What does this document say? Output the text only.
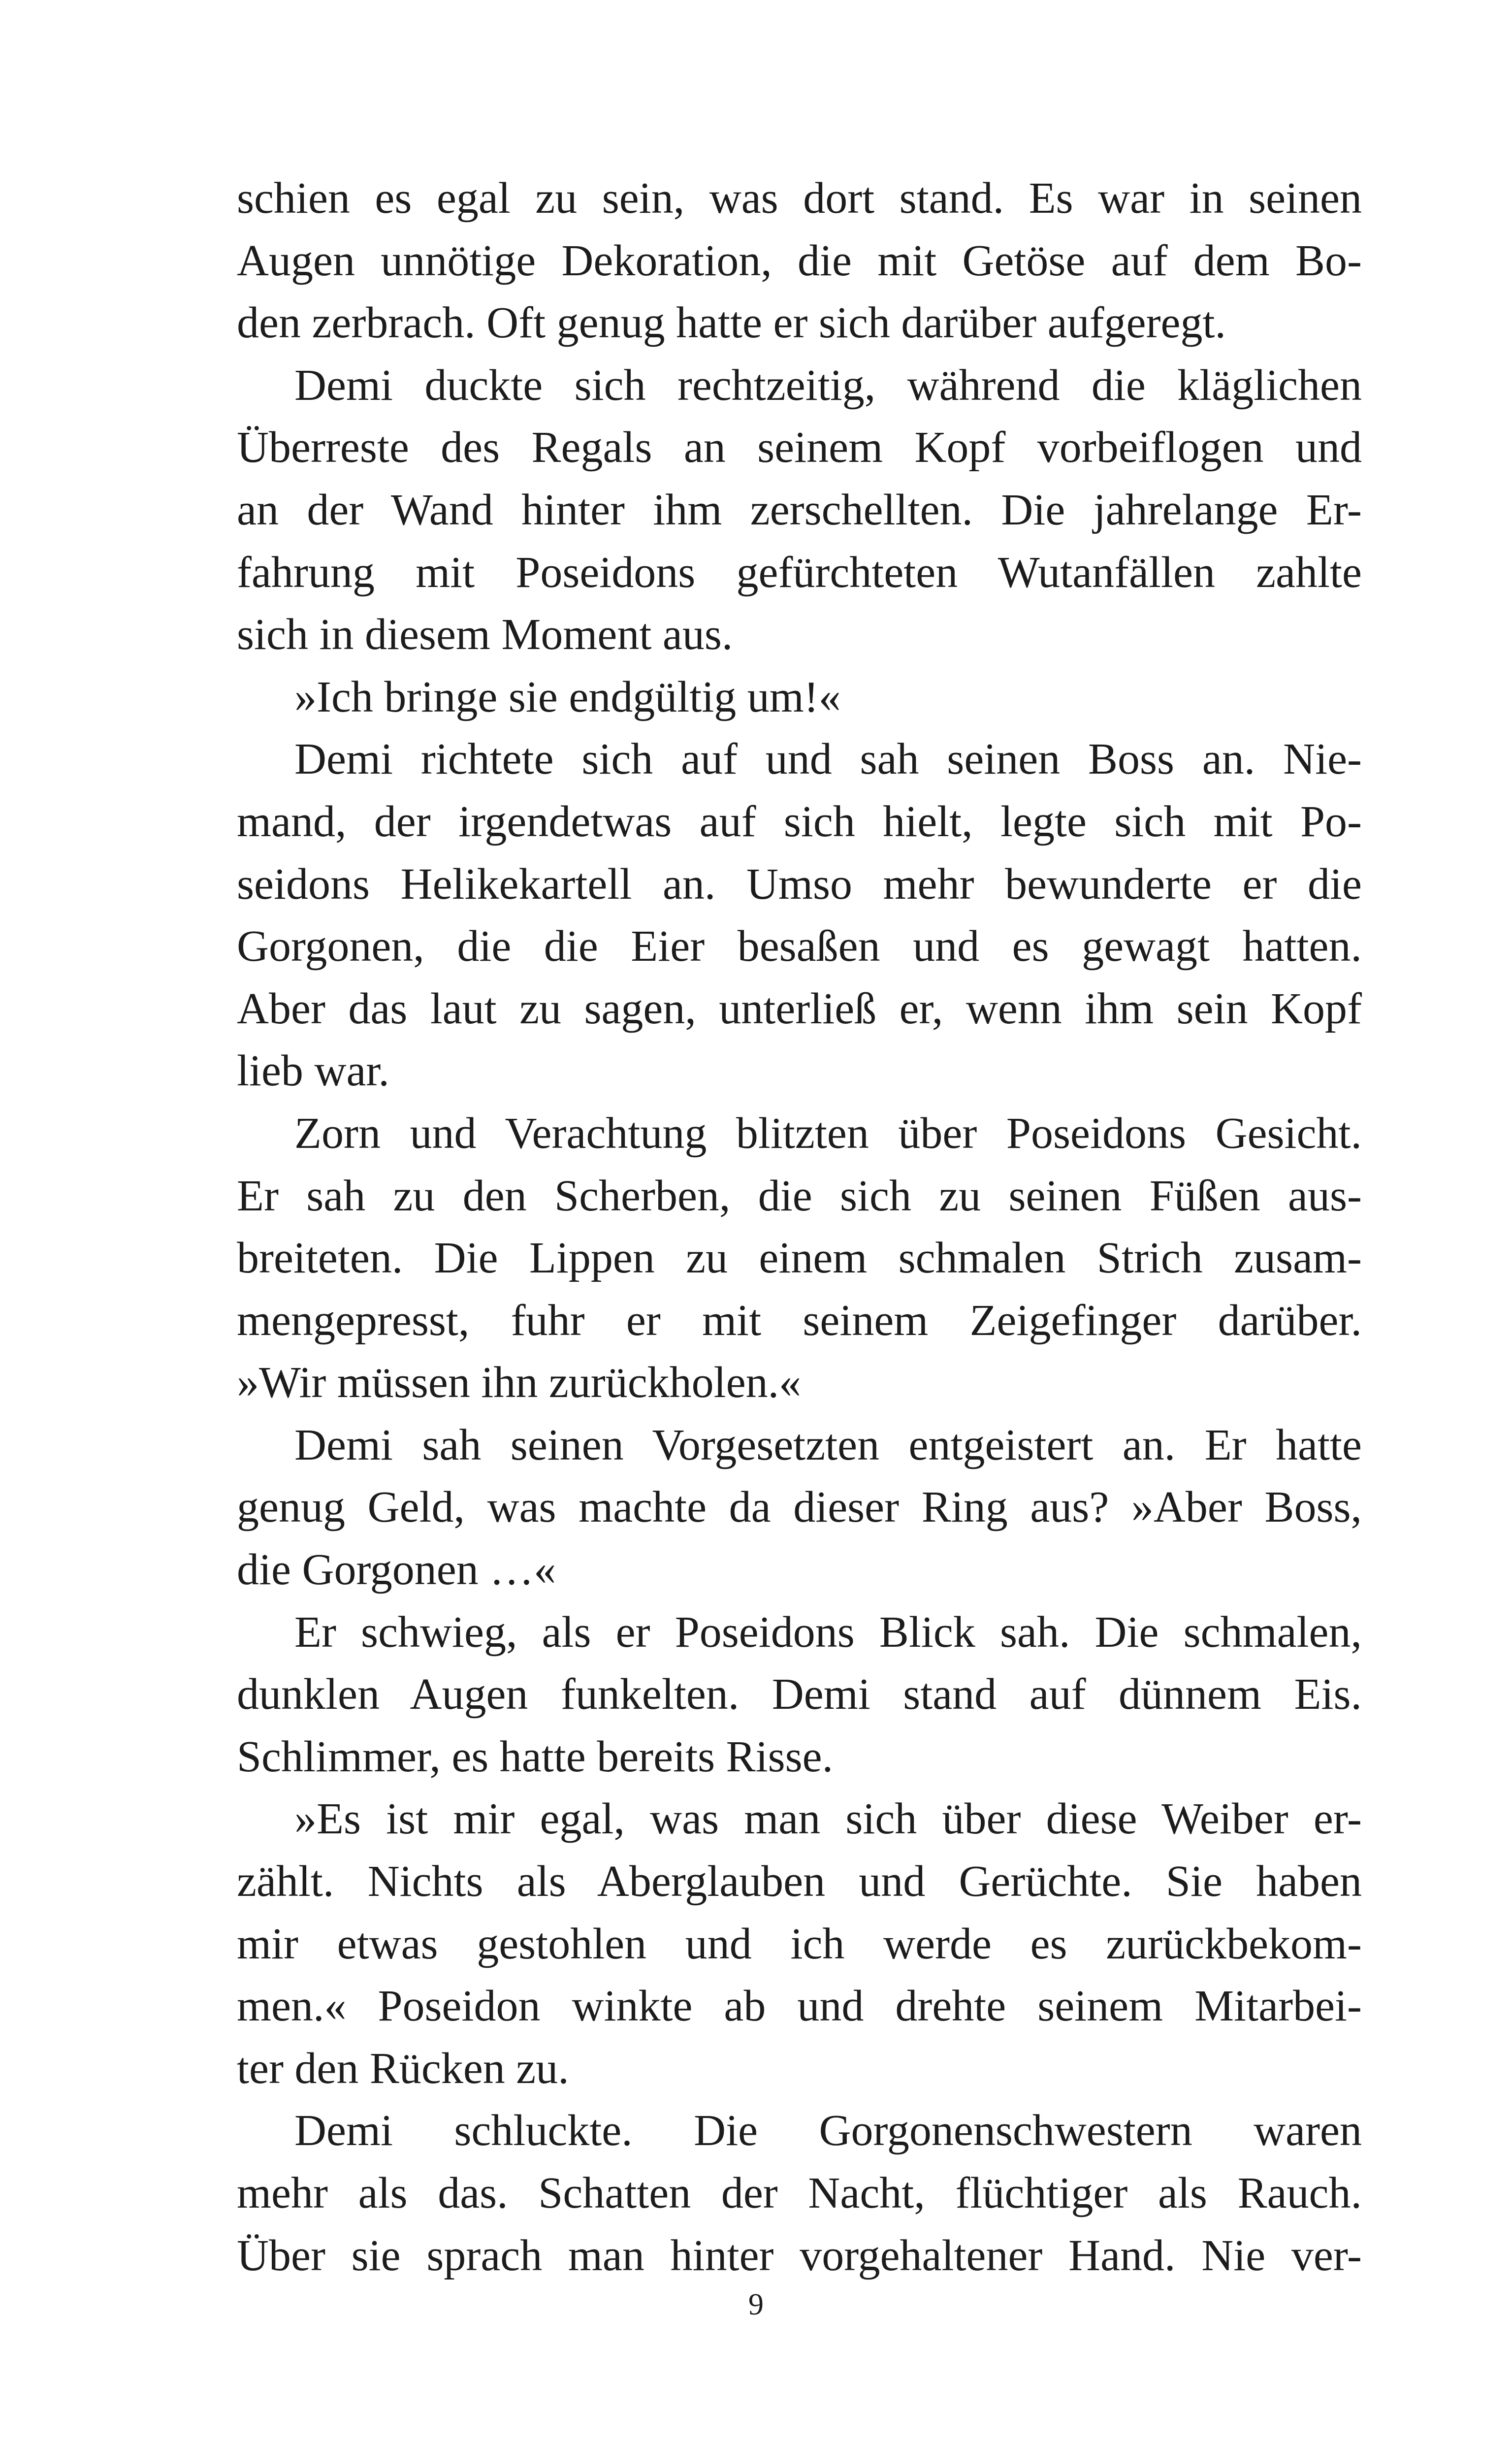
schien es egal zu sein, was dort stand. Es war in seinen
Augen unnötige Dekoration, die mit Getöse auf dem Bo-
den zerbrach. Oft genug hatte er sich darüber aufgeregt.
Demi duckte sich rechtzeitig, während die kläglichen
Überreste des Regals an seinem Kopf vorbeiflogen und
an der Wand hinter ihm zerschellten. Die jahrelange Er-
fahrung mit Poseidons gefürchteten Wutanfällen zahlte
sich in diesem Moment aus.
»Ich bringe sie endgültig um!«
Demi richtete sich auf und sah seinen Boss an. Nie-
mand, der irgendetwas auf sich hielt, legte sich mit Po-
seidons Helikekartell an. Umso mehr bewunderte er die
Gorgonen, die die Eier besaßen und es gewagt hatten.
Aber das laut zu sagen, unterließ er, wenn ihm sein Kopf
lieb war.
Zorn und Verachtung blitzten über Poseidons Gesicht.
Er sah zu den Scherben, die sich zu seinen Füßen aus-
breiteten. Die Lippen zu einem schmalen Strich zusam-
mengepresst, fuhr er mit seinem Zeigefinger darüber.
»Wir müssen ihn zurückholen.«
Demi sah seinen Vorgesetzten entgeistert an. Er hatte
genug Geld, was machte da dieser Ring aus? »Aber Boss,
die Gorgonen …«
Er schwieg, als er Poseidons Blick sah. Die schmalen,
dunklen Augen funkelten. Demi stand auf dünnem Eis.
Schlimmer, es hatte bereits Risse.
»Es ist mir egal, was man sich über diese Weiber er-
zählt. Nichts als Aberglauben und Gerüchte. Sie haben
mir etwas gestohlen und ich werde es zurückbekom-
men.« Poseidon winkte ab und drehte seinem Mitarbei-
ter den Rücken zu.
Demi schluckte. Die Gorgonenschwestern waren
mehr als das. Schatten der Nacht, flüchtiger als Rauch.
Über sie sprach man hinter vorgehaltener Hand. Nie ver-
9
